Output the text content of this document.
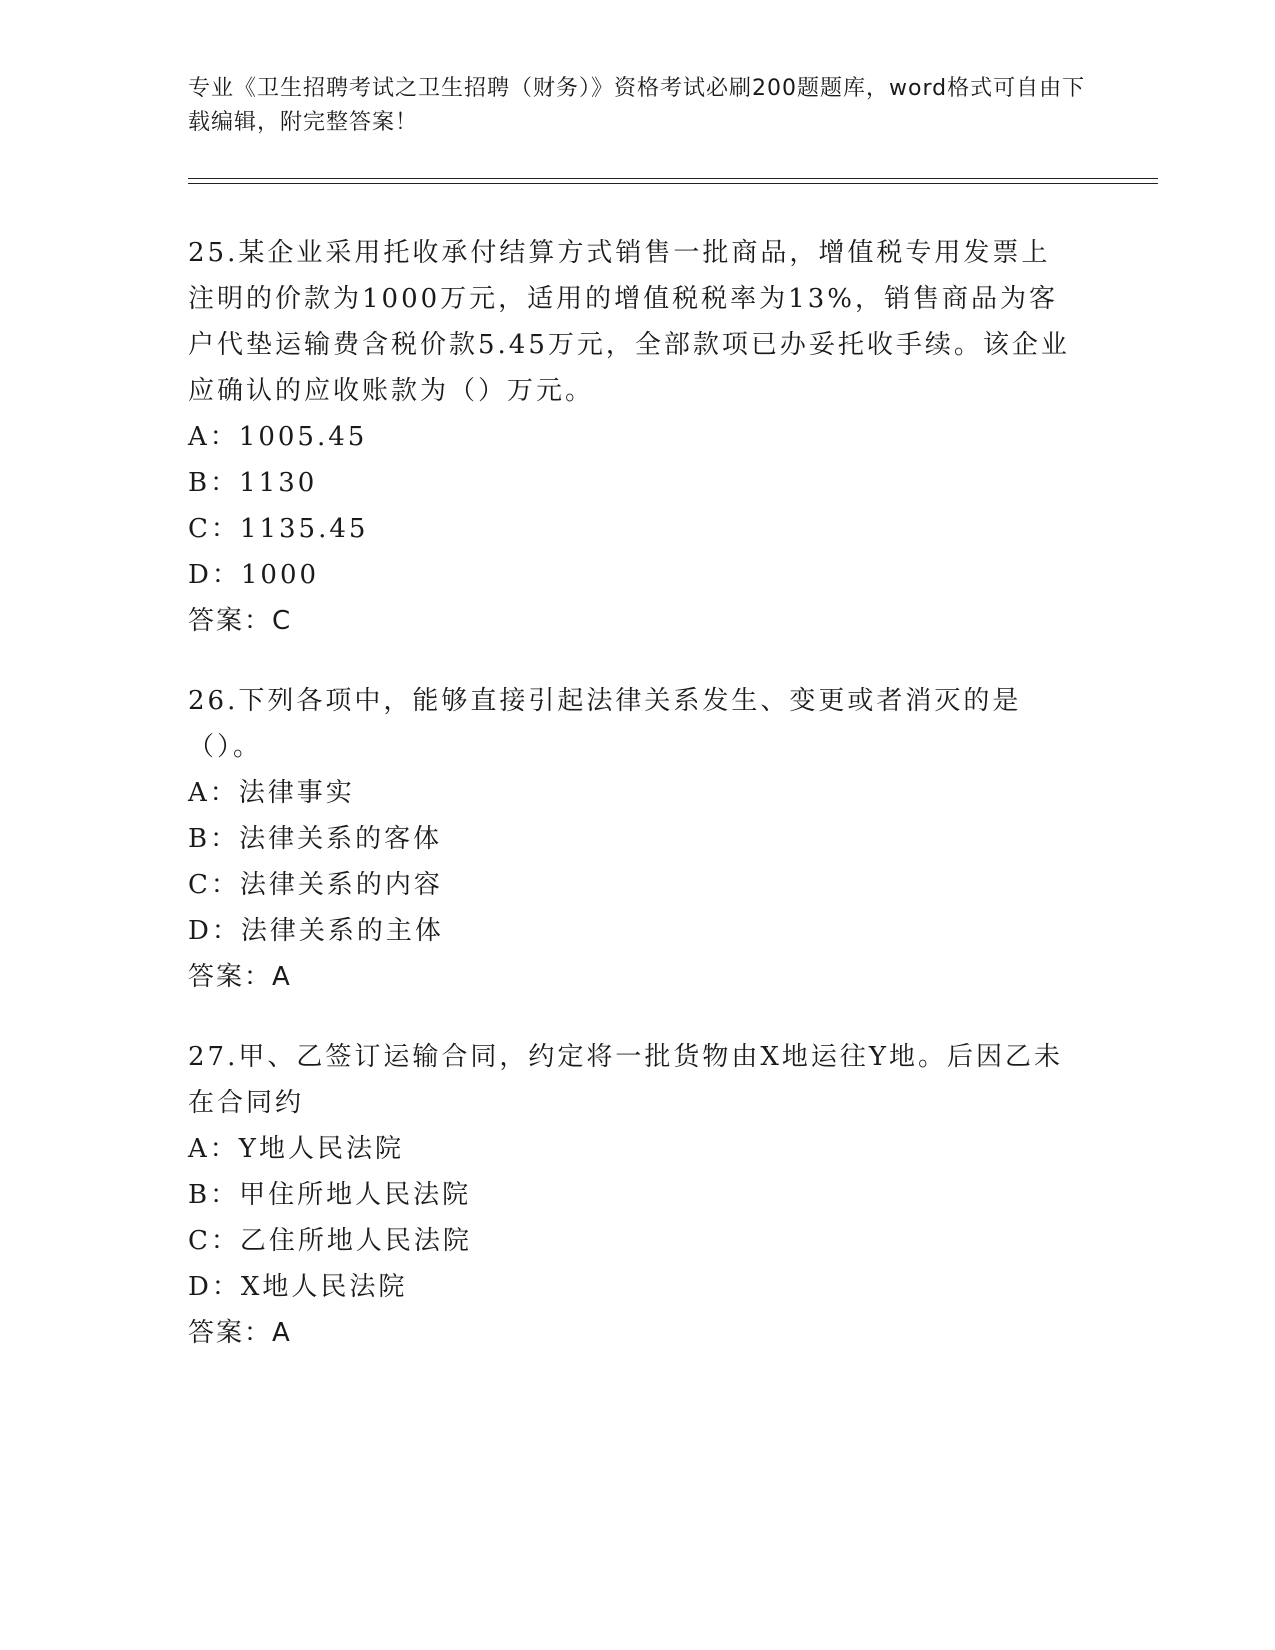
专业《卫生招聘考试之卫生招聘（财务）》资格考试必刷200题题库，word格式可自由下载编辑，附完整答案！

25.某企业采用托收承付结算方式销售一批商品，增值税专用发票上注明的价款为1000万元，适用的增值税税率为13%，销售商品为客户代垫运输费含税价款5.45万元，全部款项已办妥托收手续。该企业应确认的应收账款为（）万元。

A：1005.45

B：1130

C：1135.45

D：1000

答案：C

26.下列各项中，能够直接引起法律关系发生、变更或者消灭的是（）。

A：法律事实

B：法律关系的客体

C：法律关系的内容

D：法律关系的主体

答案：A

27.甲、乙签订运输合同，约定将一批货物由X地运往Y地。后因乙未在合同约

A：Y地人民法院

B：甲住所地人民法院

C：乙住所地人民法院

D：X地人民法院

答案：A
